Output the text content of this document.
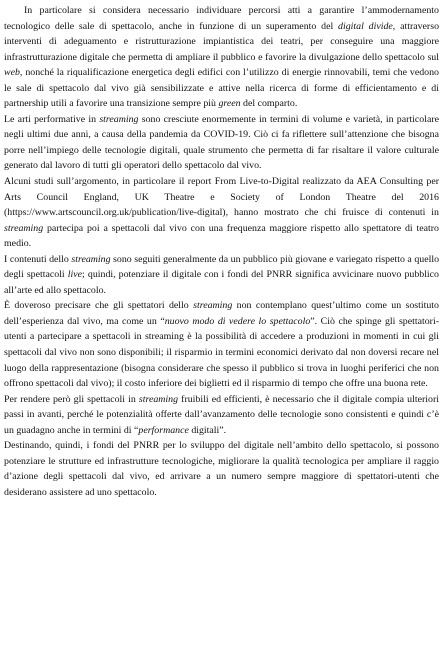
In particolare si considera necessario individuare percorsi atti a garantire l’ammodernamento tecnologico delle sale di spettacolo, anche in funzione di un superamento del digital divide, attraverso interventi di adeguamento e ristrutturazione impiantistica dei teatri, per conseguire una maggiore infrastrutturazione digitale che permetta di ampliare il pubblico e favorire la divulgazione dello spettacolo sul web, nonché la riqualificazione energetica degli edifici con l’utilizzo di energie rinnovabili, temi che vedono le sale di spettacolo dal vivo già sensibilizzate e attive nella ricerca di forme di efficientamento e di partnership utili a favorire una transizione sempre più green del comparto.

Le arti performative in streaming sono cresciute enormemente in termini di volume e varietà, in particolare negli ultimi due anni, a causa della pandemia da COVID-19. Ciò ci fa riflettere sull’attenzione che bisogna porre nell’impiego delle tecnologie digitali, quale strumento che permetta di far risaltare il valore culturale generato dal lavoro di tutti gli operatori dello spettacolo dal vivo.

Alcuni studi sull’argomento, in particolare il report From Live-to-Digital realizzato da AEA Consulting per Arts Council England, UK Theatre e Society of London Theatre del 2016 (https://www.artscouncil.org.uk/publication/live-digital), hanno mostrato che chi fruisce di contenuti in streaming partecipa poi a spettacoli dal vivo con una frequenza maggiore rispetto allo spettatore di teatro medio.

I contenuti dello streaming sono seguiti generalmente da un pubblico più giovane e variegato rispetto a quello degli spettacoli live; quindi, potenziare il digitale con i fondi del PNRR significa avvicinare nuovo pubblico all’arte ed allo spettacolo.

È doveroso precisare che gli spettatori dello streaming non contemplano quest’ultimo come un sostituto dell’esperienza dal vivo, ma come un “nuovo modo di vedere lo spettacolo”. Ciò che spinge gli spettatori-utenti a partecipare a spettacoli in streaming è la possibilità di accedere a produzioni in momenti in cui gli spettacoli dal vivo non sono disponibili; il risparmio in termini economici derivato dal non doversi recare nel luogo della rappresentazione (bisogna considerare che spesso il pubblico si trova in luoghi periferici che non offrono spettacoli dal vivo); il costo inferiore dei biglietti ed il risparmio di tempo che offre una buona rete.

Per rendere però gli spettacoli in streaming fruibili ed efficienti, è necessario che il digitale compia ulteriori passi in avanti, perché le potenzialità offerte dall’avanzamento delle tecnologie sono consistenti e quindi c’è un guadagno anche in termini di “performance digitali”.

Destinando, quindi, i fondi del PNRR per lo sviluppo del digitale nell’ambito dello spettacolo, si possono potenziare le strutture ed infrastrutture tecnologiche, migliorare la qualità tecnologica per ampliare il raggio d’azione degli spettacoli dal vivo, ed arrivare a un numero sempre maggiore di spettatori-utenti che desiderano assistere ad uno spettacolo.
